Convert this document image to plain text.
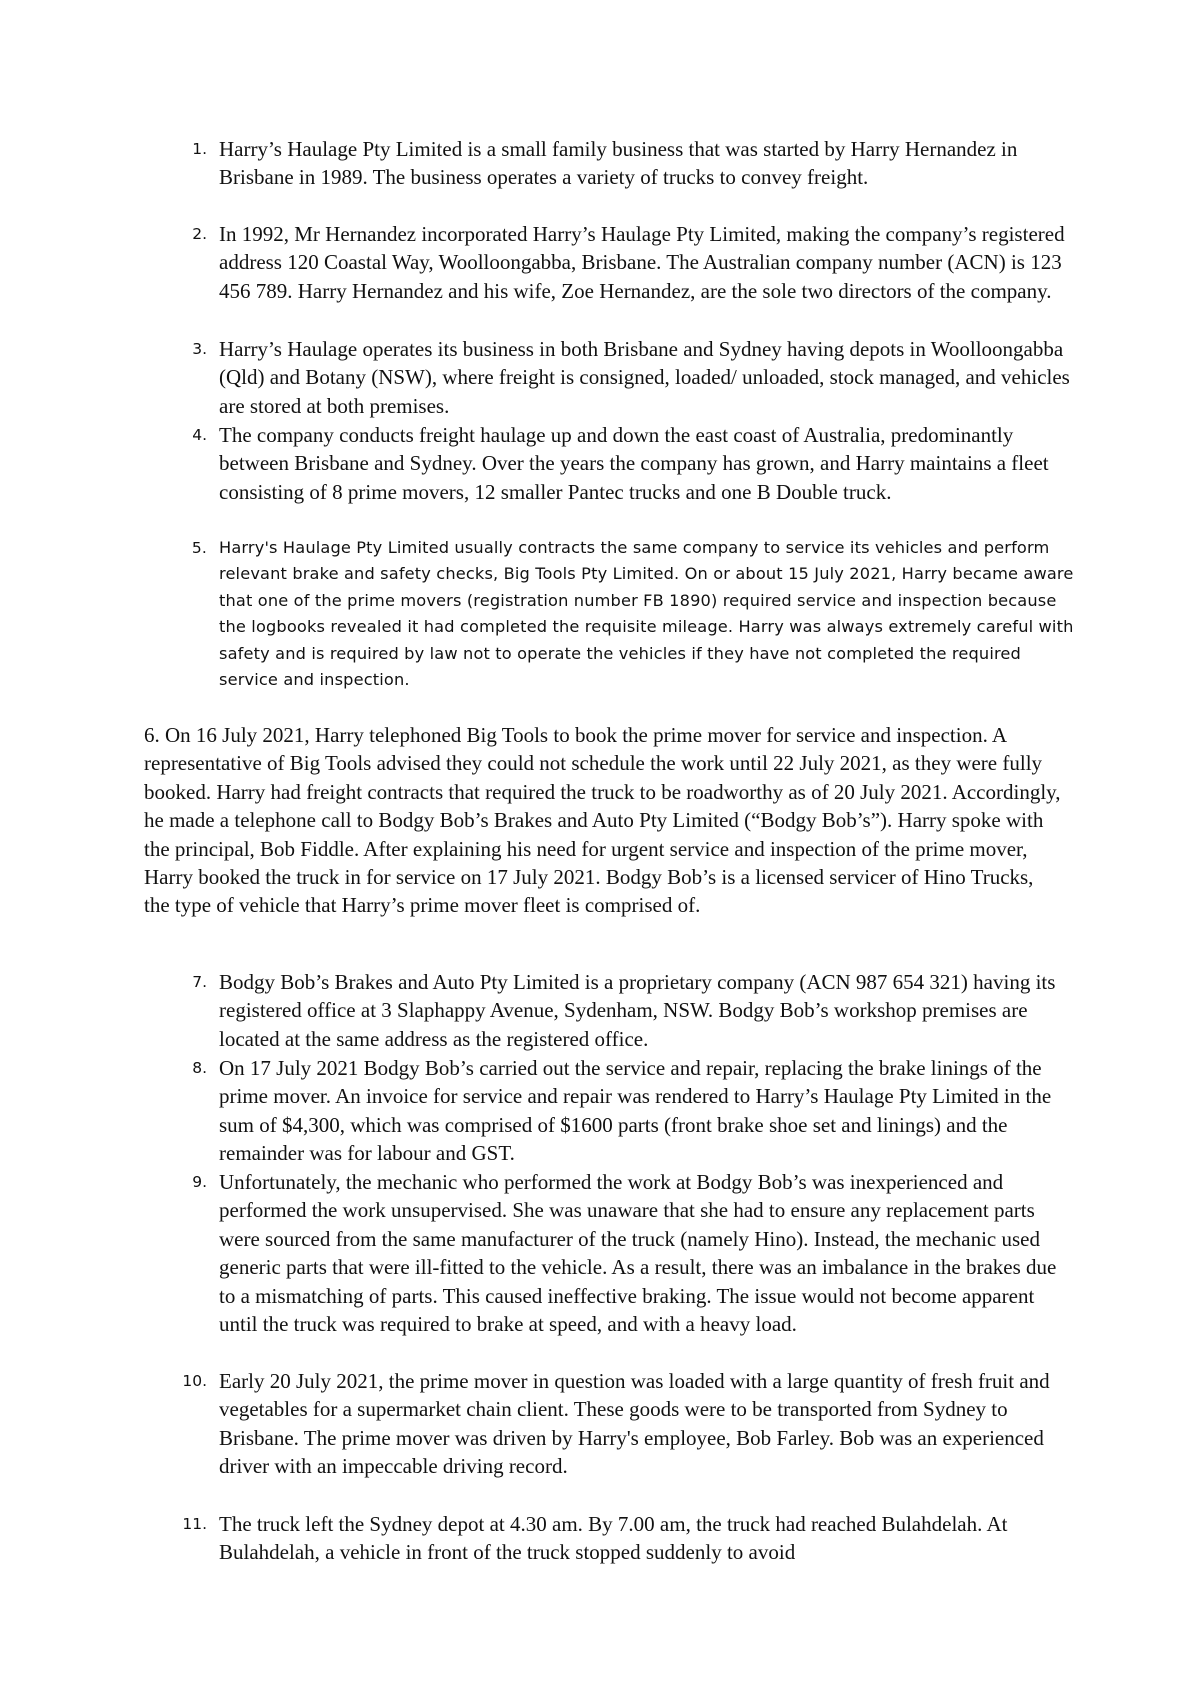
1. Harry’s Haulage Pty Limited is a small family business that was started by Harry Hernandez in Brisbane in 1989. The business operates a variety of trucks to convey freight.
2. In 1992, Mr Hernandez incorporated Harry’s Haulage Pty Limited, making the company’s registered address 120 Coastal Way, Woolloongabba, Brisbane. The Australian company number (ACN) is 123 456 789. Harry Hernandez and his wife, Zoe Hernandez, are the sole two directors of the company.
3. Harry’s Haulage operates its business in both Brisbane and Sydney having depots in Woolloongabba (Qld) and Botany (NSW), where freight is consigned, loaded/ unloaded, stock managed, and vehicles are stored at both premises.
4. The company conducts freight haulage up and down the east coast of Australia, predominantly between Brisbane and Sydney. Over the years the company has grown, and Harry maintains a fleet consisting of 8 prime movers, 12 smaller Pantec trucks and one B Double truck.
5. Harry's Haulage Pty Limited usually contracts the same company to service its vehicles and perform relevant brake and safety checks, Big Tools Pty Limited. On or about 15 July 2021, Harry became aware that one of the prime movers (registration number FB 1890) required service and inspection because the logbooks revealed it had completed the requisite mileage. Harry was always extremely careful with safety and is required by law not to operate the vehicles if they have not completed the required service and inspection.
6. On 16 July 2021, Harry telephoned Big Tools to book the prime mover for service and inspection. A representative of Big Tools advised they could not schedule the work until 22 July 2021, as they were fully booked. Harry had freight contracts that required the truck to be roadworthy as of 20 July 2021. Accordingly, he made a telephone call to Bodgy Bob’s Brakes and Auto Pty Limited (“Bodgy Bob’s”). Harry spoke with the principal, Bob Fiddle. After explaining his need for urgent service and inspection of the prime mover, Harry booked the truck in for service on 17 July 2021. Bodgy Bob’s is a licensed servicer of Hino Trucks, the type of vehicle that Harry’s prime mover fleet is comprised of.
7. Bodgy Bob’s Brakes and Auto Pty Limited is a proprietary company (ACN 987 654 321) having its registered office at 3 Slaphappy Avenue, Sydenham, NSW. Bodgy Bob’s workshop premises are located at the same address as the registered office.
8. On 17 July 2021 Bodgy Bob’s carried out the service and repair, replacing the brake linings of the prime mover. An invoice for service and repair was rendered to Harry’s Haulage Pty Limited in the sum of $4,300, which was comprised of $1600 parts (front brake shoe set and linings) and the remainder was for labour and GST.
9. Unfortunately, the mechanic who performed the work at Bodgy Bob’s was inexperienced and performed the work unsupervised. She was unaware that she had to ensure any replacement parts were sourced from the same manufacturer of the truck (namely Hino). Instead, the mechanic used generic parts that were ill-fitted to the vehicle. As a result, there was an imbalance in the brakes due to a mismatching of parts. This caused ineffective braking. The issue would not become apparent until the truck was required to brake at speed, and with a heavy load.
10. Early 20 July 2021, the prime mover in question was loaded with a large quantity of fresh fruit and vegetables for a supermarket chain client. These goods were to be transported from Sydney to Brisbane. The prime mover was driven by Harry's employee, Bob Farley. Bob was an experienced driver with an impeccable driving record.
11. The truck left the Sydney depot at 4.30 am. By 7.00 am, the truck had reached Bulahdelah. At Bulahdelah, a vehicle in front of the truck stopped suddenly to avoid
